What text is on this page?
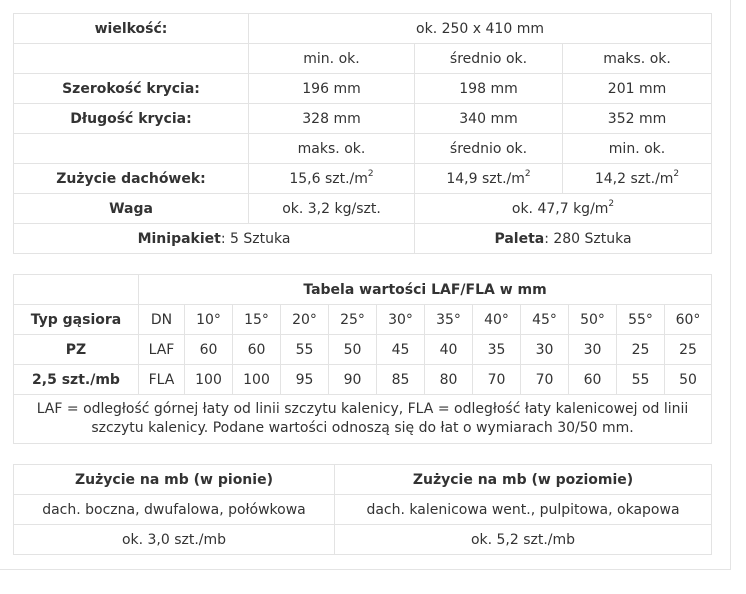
wielkość:	ok. 250 x 410 mm		
	min. ok.	średnio ok.	maks. ok.
Szerokość krycia:	196 mm	198 mm	201 mm
Długość krycia:	328 mm	340 mm	352 mm
	maks. ok.	średnio ok.	min. ok.
Zużycie dachówek:	15,6 $szt./m^2$	14,9 $szt./m^2$	14,2 $szt./m^2$
Waga	ok. 3,2 kg/szt.	ok. 47,7 $kg/m^2$
Minipakiet: 5 Sztuka		Paleta: 280 Sztuka	
	Tabela wartości LAF/FLA w mm											
Typ gąsiora	DN	10°	15°	20°	25°	30°	35°	40°	45°	50°	55°	60°
PZ	LAF	60	60	55	50	45	40	35	30	30	25	25
2,5 szt./mb	FLA	100	100	95	90	85	80	70	70	60	55	50
LAF = odległość górnej łaty od linii szczytu kalenicy, FLA = odległość łaty kalenicowej od linii szczytu kalenicy. Podane wartości odnoszą się do łat o wymiarach 30/50 mm.												
Zużycie na mb (w pionie)	Zużycie na mb (w poziomie)
dach. boczna, dwufalowa, połówkowa	dach. kalenicowa went., pulpitowa, okapowa
ok. 3,0 szt./mb	ok. 5,2 szt./mb
